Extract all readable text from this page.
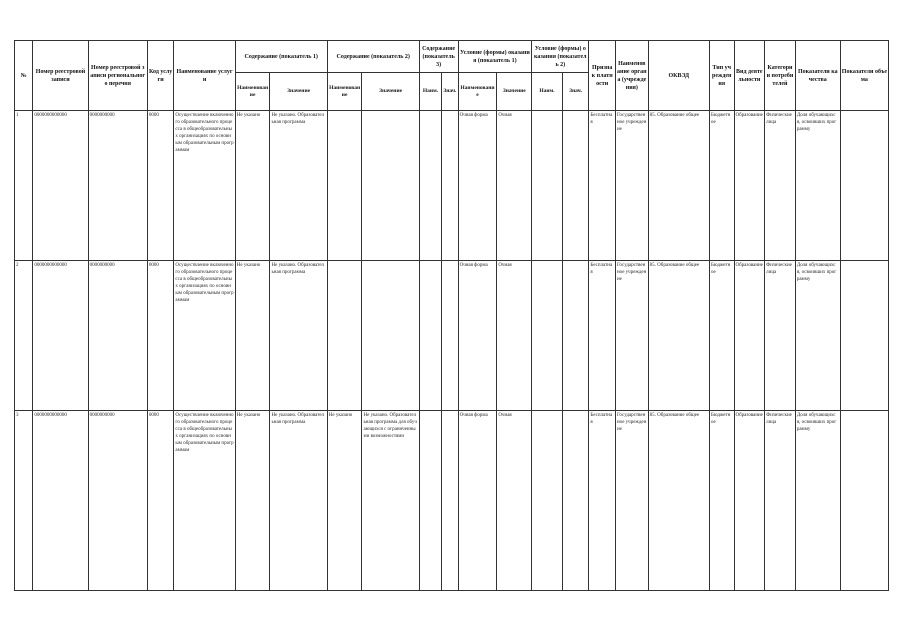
№	Номер реестровой записи	Номер реестровой записи регионального перечня	Код услуги	Наименование услуги	Содержание (показатель 1)		Содержание (показатель 2)		Содержание (показатель 3)		Условие (формы) оказания (показатель 1)		Условие (формы) оказания (показатель 2)		Признак платности	Наименование органа (учреждения)	ОКВЭД	Тип учреждения	Вид деятельности	Категории потребителей	Показатели качества	Показатели объема
					Наименование	Значение	Наименование	Значение	Наим.	Знач.	Наименование	Значение	Наим.	Знач.								
1	0000000000000	0000000000	0000	Осуществление включенного образовательного процесса в общеобразовательных организациях по основным образовательным программам	Не указано	Не указано. Образовательная программа					Очная форма	Очная			Бесплатная	Государственное учреждение	85. Образование общее	Бюджетное	Образование	Физические лица	Доля обучающихся, освоивших программу	
2	0000000000000	0000000000	0000	Осуществление включенного образовательного процесса в общеобразовательных организациях по основным образовательным программам	Не указано	Не указано. Образовательная программа					Очная форма	Очная			Бесплатная	Государственное учреждение	85. Образование общее	Бюджетное	Образование	Физические лица	Доля обучающихся, освоивших программу	
3	0000000000000	0000000000	0000	Осуществление включенного образовательного процесса в общеобразовательных организациях по основным образовательным программам	Не указано	Не указано. Образовательная программа	Не указано	Не указано. Образовательная программа для обучающихся с ограниченными возможностями			Очная форма	Очная			Бесплатная	Государственное учреждение	85. Образование общее	Бюджетное	Образование	Физические лица	Доля обучающихся, освоивших программу	
